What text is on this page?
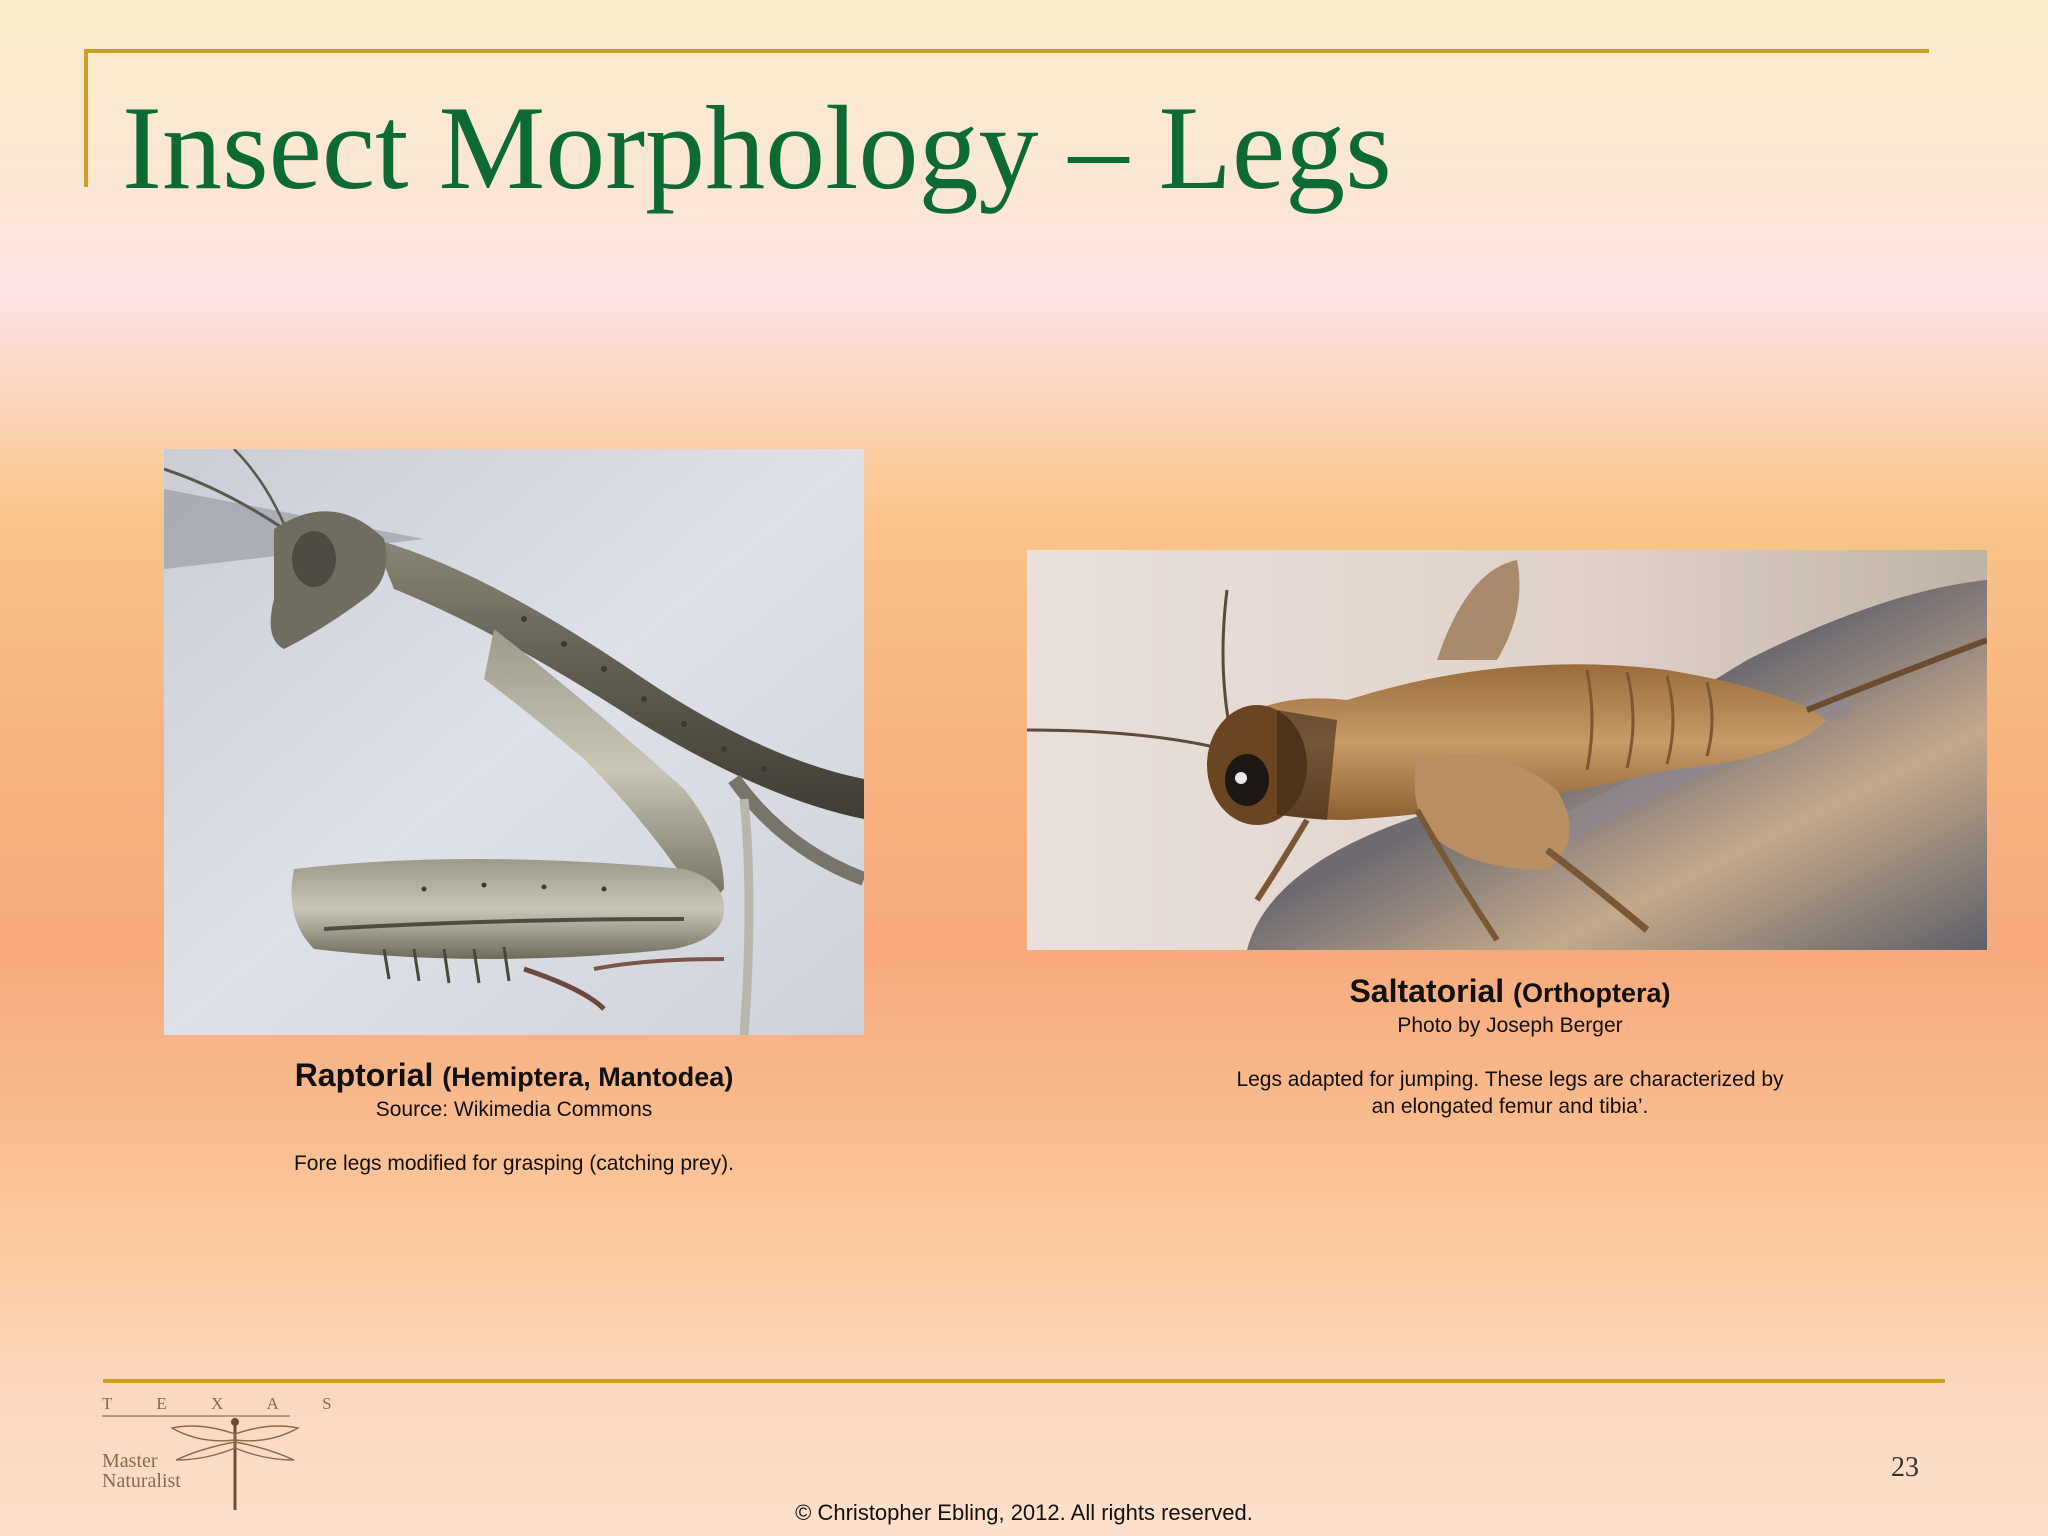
Insect Morphology – Legs
Raptorial (Hemiptera, Mantodea)
Source: Wikimedia Commons
Fore legs modified for grasping (catching prey).
Saltatorial (Orthoptera)
Photo by Joseph Berger
Legs adapted for jumping. These legs are characterized by
an elongated femur and tibia’.
T E X A S
Master
Naturalist	23
© Christopher Ebling, 2012. All rights reserved.
